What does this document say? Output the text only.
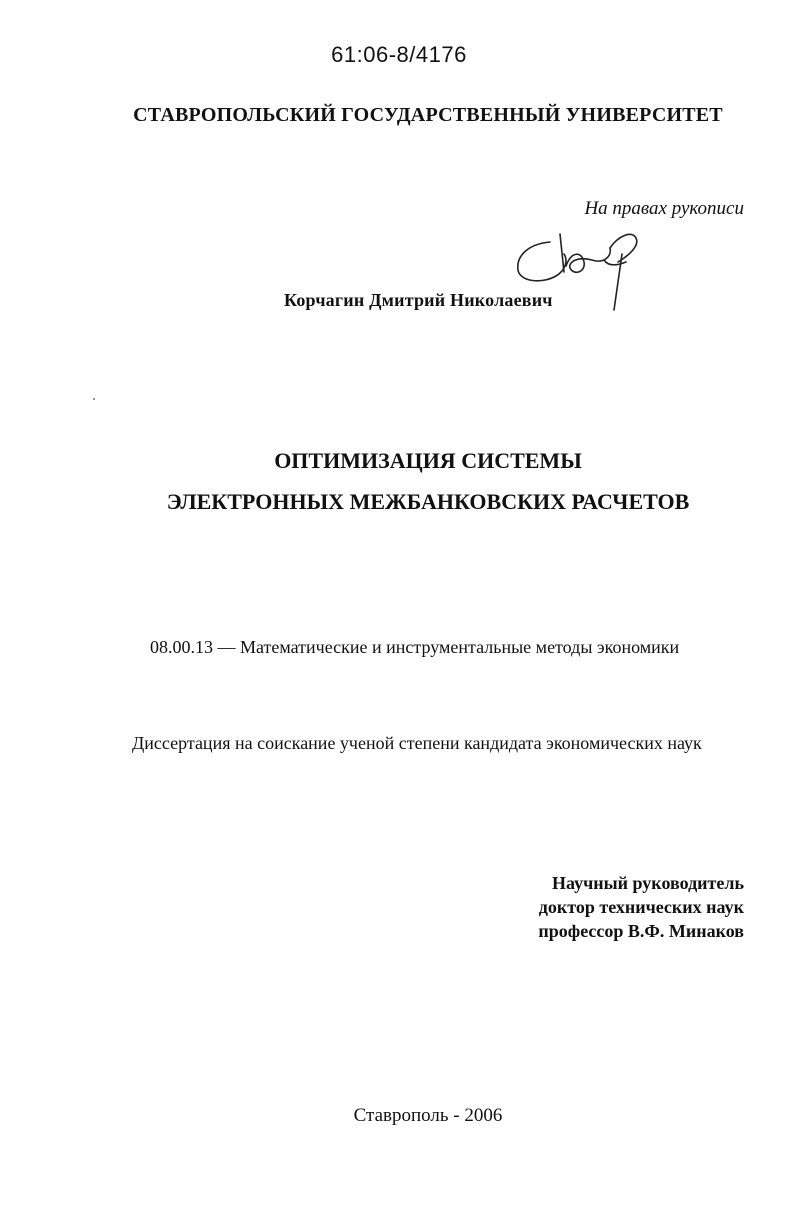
61:06-8/4176
СТАВРОПОЛЬСКИЙ ГОСУДАРСТВЕННЫЙ УНИВЕРСИТЕТ
На правах рукописи
Корчагин Дмитрий Николаевич
ОПТИМИЗАЦИЯ СИСТЕМЫ
ЭЛЕКТРОННЫХ МЕЖБАНКОВСКИХ РАСЧЕТОВ
08.00.13 — Математические и инструментальные методы экономики
Диссертация на соискание ученой степени кандидата экономических наук
Научный руководитель
доктор технических наук
профессор В.Ф. Минаков
Ставрополь - 2006
